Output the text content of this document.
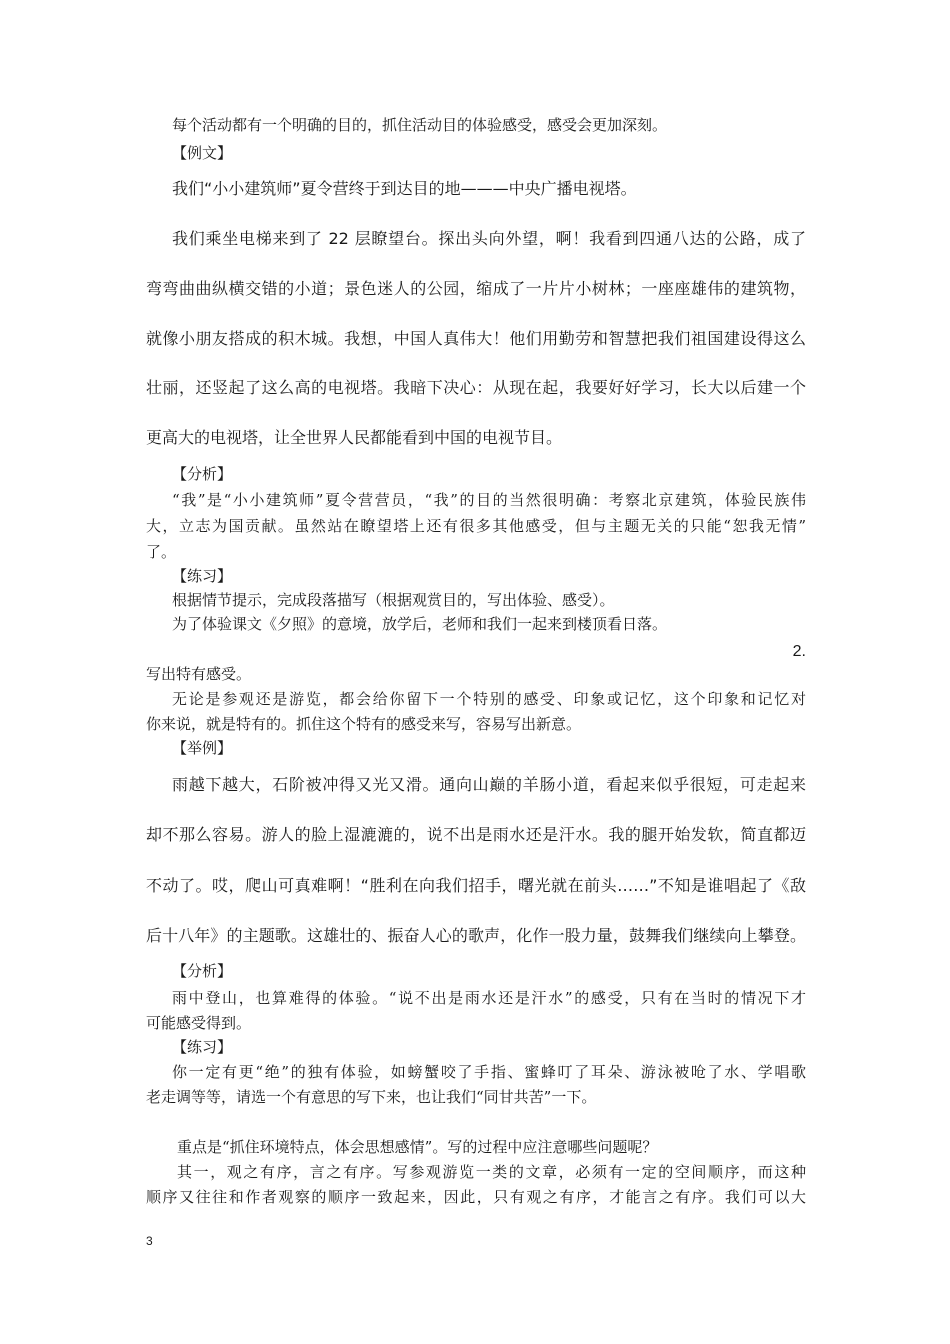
每个活动都有一个明确的目的，抓住活动目的体验感受，感受会更加深刻。
【例文】
我们“小小建筑师”夏令营终于到达目的地———中央广播电视塔。
我们乘坐电梯来到了 22 层瞭望台。探出头向外望，啊！我看到四通八达的公路，成了
弯弯曲曲纵横交错的小道；景色迷人的公园，缩成了一片片小树林；一座座雄伟的建筑物，
就像小朋友搭成的积木城。我想，中国人真伟大！他们用勤劳和智慧把我们祖国建设得这么
壮丽，还竖起了这么高的电视塔。我暗下决心：从现在起，我要好好学习，长大以后建一个
更高大的电视塔，让全世界人民都能看到中国的电视节目。
【分析】
“我”是“小小建筑师”夏令营营员，“我”的目的当然很明确：考察北京建筑，体验民族伟
大，立志为国贡献。虽然站在瞭望塔上还有很多其他感受，但与主题无关的只能“恕我无情”
了。
【练习】
根据情节提示，完成段落描写（根据观赏目的，写出体验、感受）。
为了体验课文《夕照》的意境，放学后，老师和我们一起来到楼顶看日落。
2.
写出特有感受。
无论是参观还是游览，都会给你留下一个特别的感受、印象或记忆，这个印象和记忆对
你来说，就是特有的。抓住这个特有的感受来写，容易写出新意。
【举例】
雨越下越大，石阶被冲得又光又滑。通向山巅的羊肠小道，看起来似乎很短，可走起来
却不那么容易。游人的脸上湿漉漉的，说不出是雨水还是汗水。我的腿开始发软，简直都迈
不动了。哎，爬山可真难啊！“胜利在向我们招手，曙光就在前头……”不知是谁唱起了《敌
后十八年》的主题歌。这雄壮的、振奋人心的歌声，化作一股力量，鼓舞我们继续向上攀登。
【分析】
雨中登山，也算难得的体验。“说不出是雨水还是汗水”的感受，只有在当时的情况下才
可能感受得到。
【练习】
你一定有更“绝”的独有体验，如螃蟹咬了手指、蜜蜂叮了耳朵、游泳被呛了水、学唱歌
老走调等等，请选一个有意思的写下来，也让我们“同甘共苦”一下。
重点是“抓住环境特点，体会思想感情”。写的过程中应注意哪些问题呢？
其一，观之有序，言之有序。写参观游览一类的文章，必须有一定的空间顺序，而这种
顺序又往往和作者观察的顺序一致起来，因此，只有观之有序，才能言之有序。我们可以大
3
